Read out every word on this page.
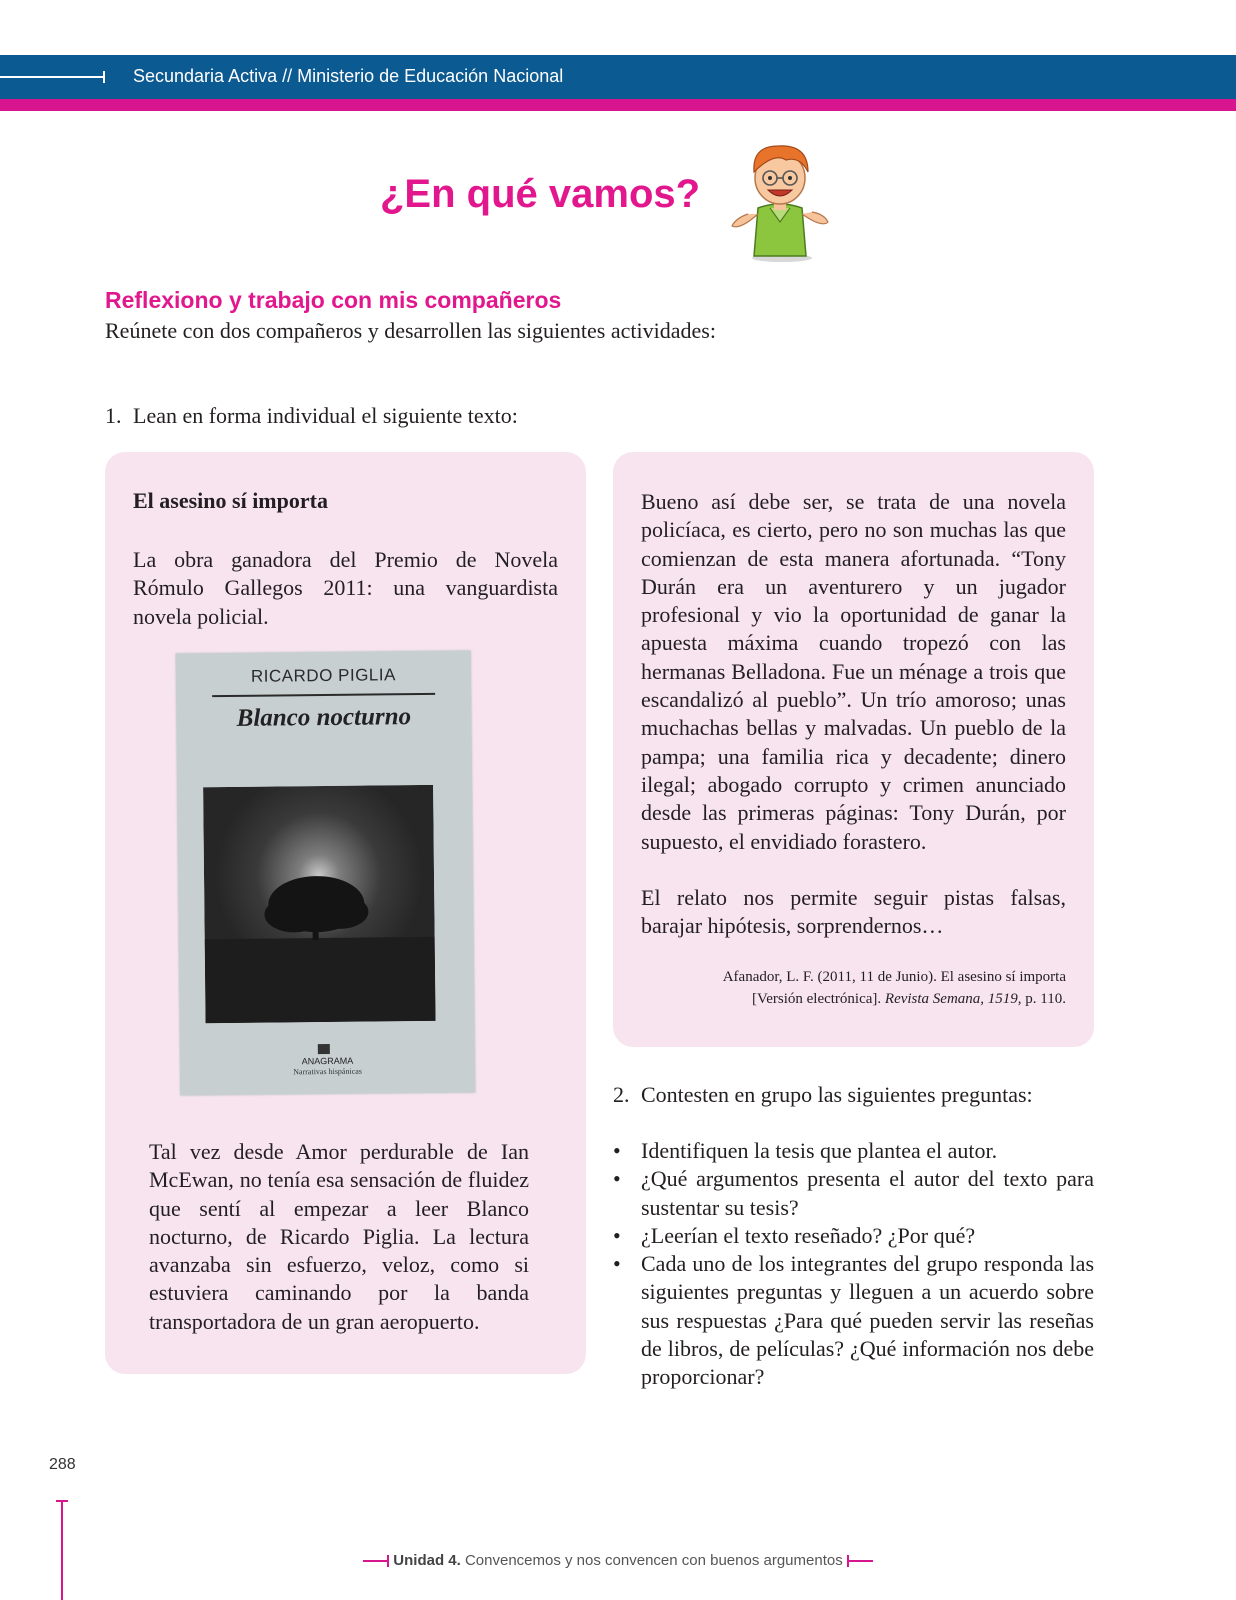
Secundaria Activa // Ministerio de Educación Nacional
¿En qué vamos?
Reflexiono y trabajo con mis compañeros
Reúnete con dos compañeros y desarrollen las siguientes actividades:
1. Lean en forma individual el siguiente texto:
El asesino sí importa

La obra ganadora del Premio de Novela Rómulo Gallegos 2011: una vanguardista novela policial.

RICARDO PIGLIA
Blanco nocturno
ANAGRAMA
Narrativas hispánicas

Tal vez desde Amor perdurable de Ian McEwan, no tenía esa sensación de fluidez que sentí al empezar a leer Blanco nocturno, de Ricardo Piglia. La lectura avanzaba sin esfuerzo, veloz, como si estuviera caminando por la banda transportadora de un gran aeropuerto.

Bueno así debe ser, se trata de una novela policíaca, es cierto, pero no son muchas las que comienzan de esta manera afortunada. “Tony Durán era un aventurero y un jugador profesional y vio la oportunidad de ganar la apuesta máxima cuando tropezó con las hermanas Belladona. Fue un ménage a trois que escandalizó al pueblo”. Un trío amoroso; unas muchachas bellas y malvadas. Un pueblo de la pampa; una familia rica y decadente; dinero ilegal; abogado corrupto y crimen anunciado desde las primeras páginas: Tony Durán, por supuesto, el envidiado forastero.

El relato nos permite seguir pistas falsas, barajar hipótesis, sorprendernos…

Afanador, L. F. (2011, 11 de Junio). El asesino sí importa
[Versión electrónica]. Revista Semana, 1519, p. 110.
2. Contesten en grupo las siguientes preguntas:
• Identifiquen la tesis que plantea el autor.
• ¿Qué argumentos presenta el autor del texto para sustentar su tesis?
• ¿Leerían el texto reseñado? ¿Por qué?
• Cada uno de los integrantes del grupo responda las siguientes preguntas y lleguen a un acuerdo sobre sus respuestas ¿Para qué pueden servir las reseñas de libros, de películas? ¿Qué información nos debe proporcionar?
288
Unidad 4. Convencemos y nos convencen con buenos argumentos
